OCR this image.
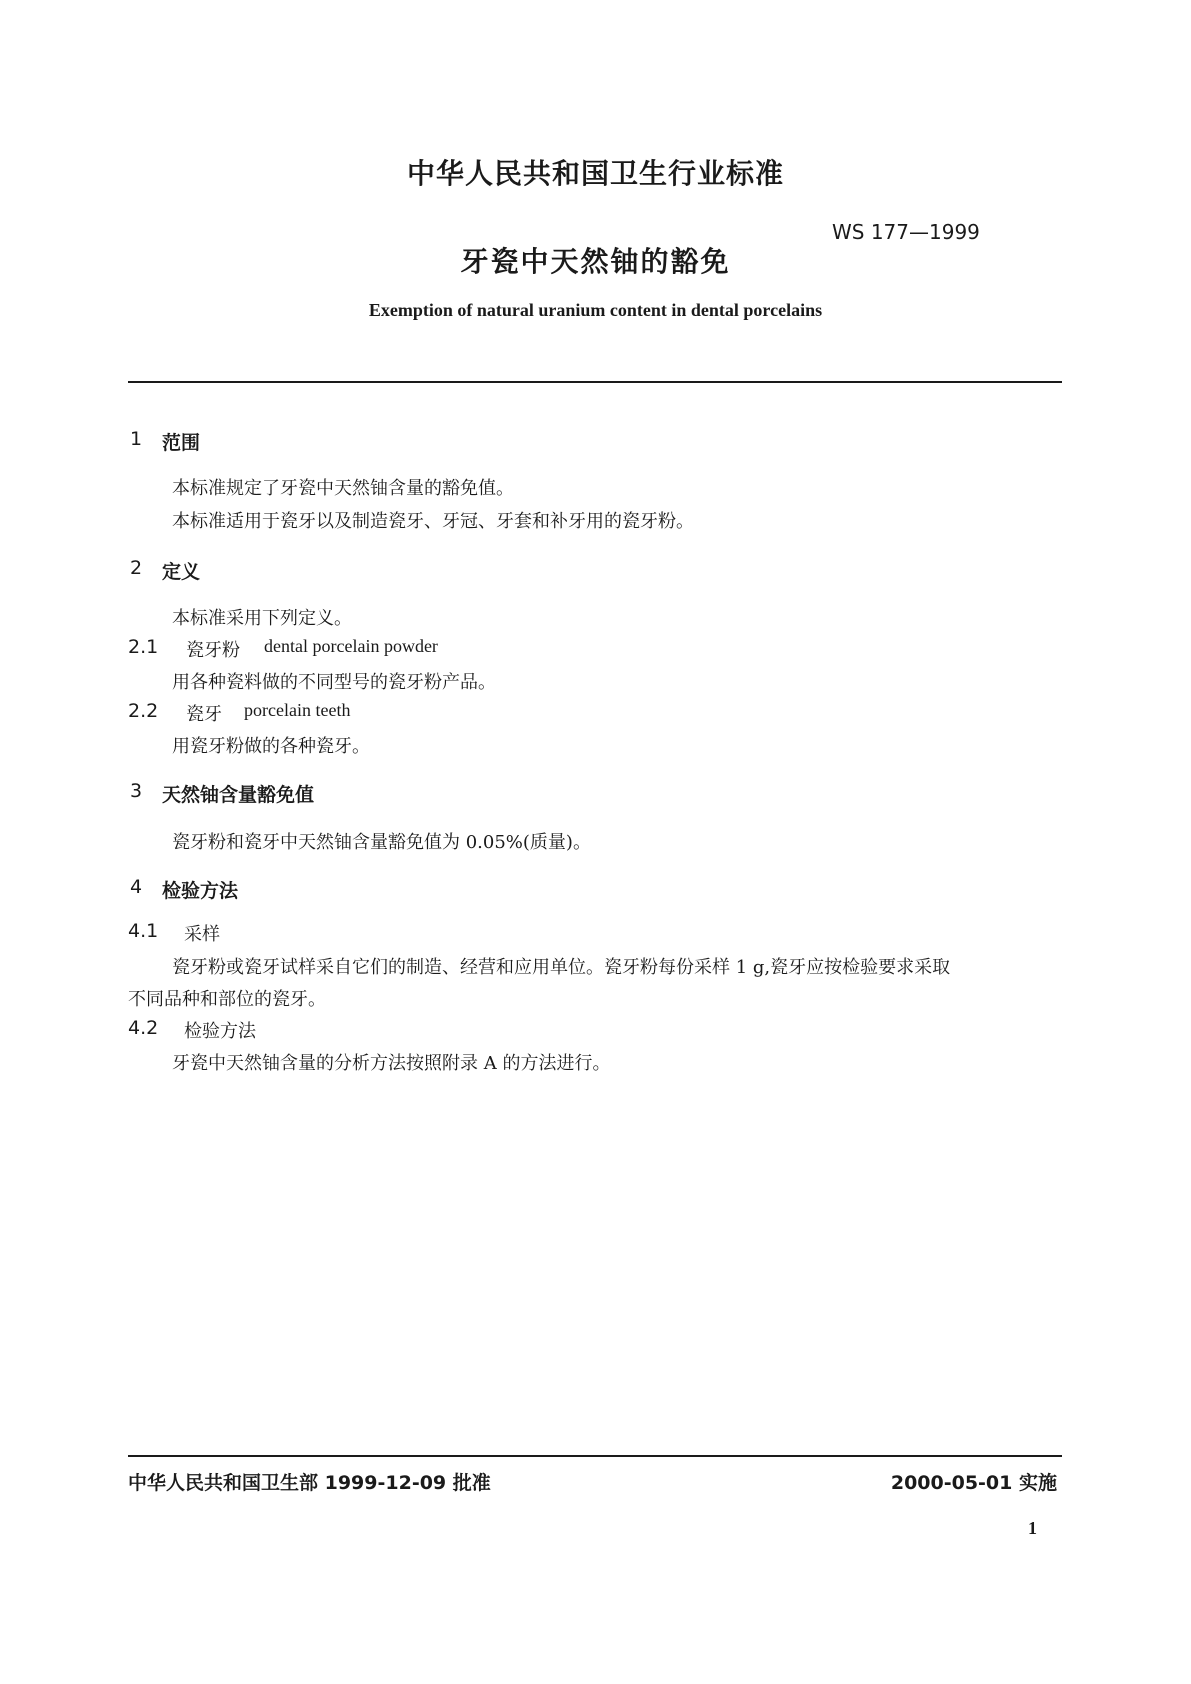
中华人民共和国卫生行业标准
WS 177—1999
牙瓷中天然铀的豁免
Exemption of natural uranium content in dental porcelains
1 范围
本标准规定了牙瓷中天然铀含量的豁免值。
本标准适用于瓷牙以及制造瓷牙、牙冠、牙套和补牙用的瓷牙粉。
2 定义
本标准采用下列定义。
2.1 瓷牙粉 dental porcelain powder
用各种瓷料做的不同型号的瓷牙粉产品。
2.2 瓷牙 porcelain teeth
用瓷牙粉做的各种瓷牙。
3 天然铀含量豁免值
瓷牙粉和瓷牙中天然铀含量豁免值为 0.05%(质量)。
4 检验方法
4.1 采样
瓷牙粉或瓷牙试样采自它们的制造、经营和应用单位。瓷牙粉每份采样 1 g,瓷牙应按检验要求采取
不同品种和部位的瓷牙。
4.2 检验方法
牙瓷中天然铀含量的分析方法按照附录 A 的方法进行。
中华人民共和国卫生部 1999-12-09 批准	2000-05-01 实施
1
